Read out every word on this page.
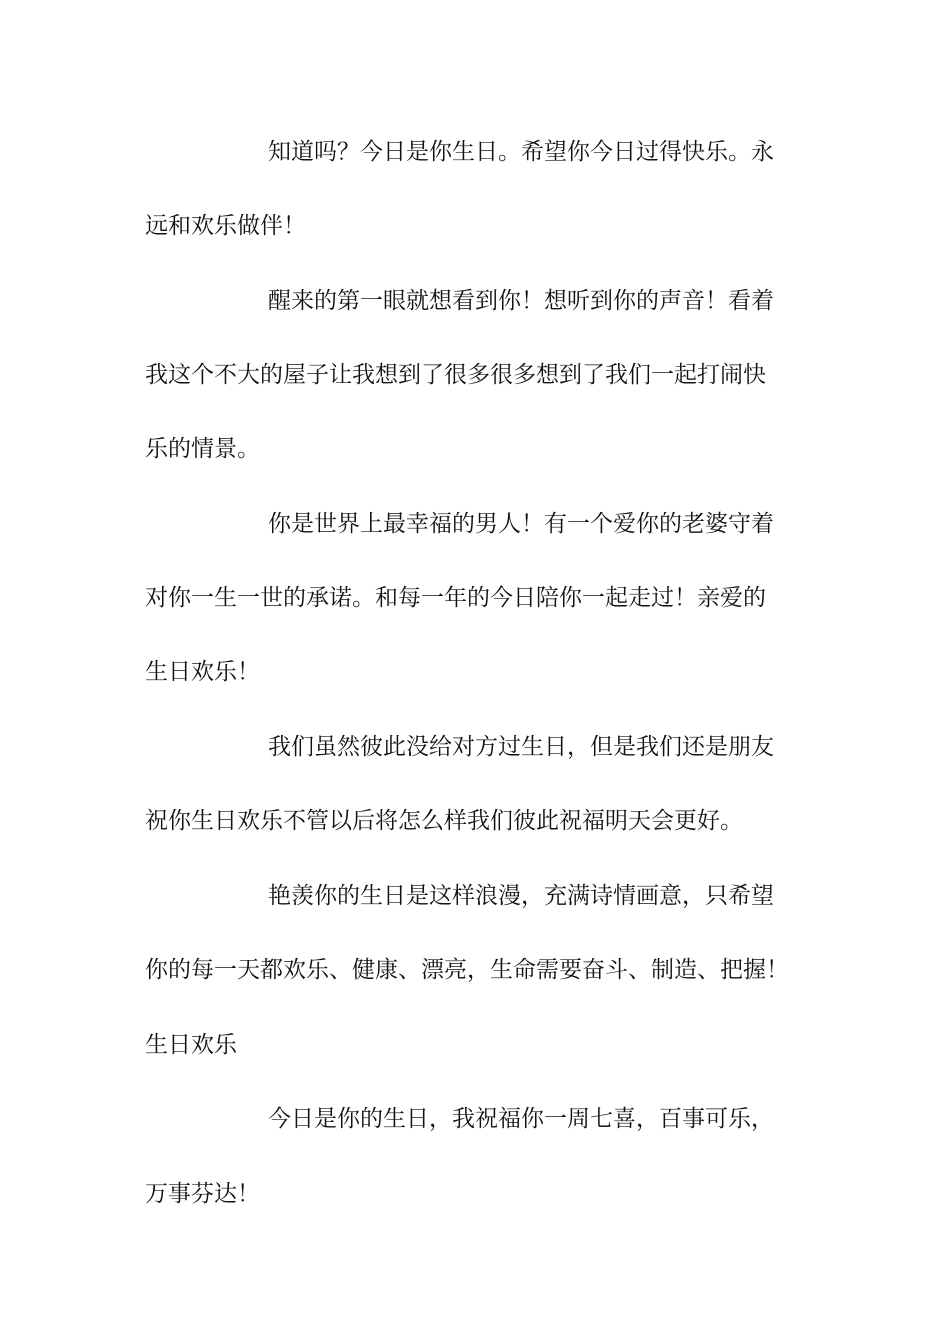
知道吗？今日是你生日。希望你今日过得快乐。永
远和欢乐做伴！
醒来的第一眼就想看到你！想听到你的声音！看着
我这个不大的屋子让我想到了很多很多想到了我们一起打闹快
乐的情景。
你是世界上最幸福的男人！有一个爱你的老婆守着
对你一生一世的承诺。和每一年的今日陪你一起走过！亲爱的
生日欢乐！
我们虽然彼此没给对方过生日，但是我们还是朋友
祝你生日欢乐不管以后将怎么样我们彼此祝福明天会更好。
艳羡你的生日是这样浪漫，充满诗情画意，只希望
你的每一天都欢乐、健康、漂亮，生命需要奋斗、制造、把握！
生日欢乐
今日是你的生日，我祝福你一周七喜，百事可乐，
万事芬达！
